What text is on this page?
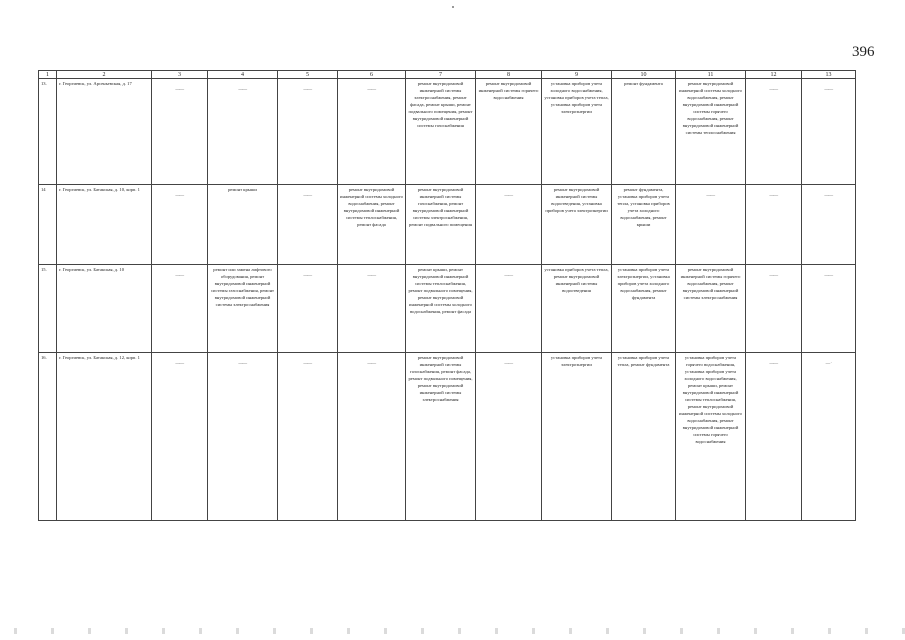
396
1	2	3	4	5	6	7	8	9	10	11	12	13
13.	г. Георгиевск, ул. Арсеньевская, д. 17	——	——	——	——	ремонт внутридомовой инженерной системы электроснабжения, ремонт фасада, ремонт крыши, ремонт подвального помещения, ремонт внутридомовой инженерной системы газоснабжения	ремонт внутридомовой инженерной системы горячего водоснабжения	установка приборов учета холодного водоснабжения, установка приборов учета тепла, установка приборов учета электроэнергии	ремонт фундамента	ремонт внутридомовой инженерной системы холодного водоснабжения, ремонт внутридомовой инженерной системы горячего водоснабжения, ремонт внутридомовой инженерной системы теплоснабжения	——	——

14	г. Георгиевск, ул. Батакская, д. 10, корп. 1	——	ремонт крыши	——	ремонт внутридомовой инженерной системы холодного водоснабжения, ремонт внутридомовой инженерной системы теплоснабжения, ремонт фасада	ремонт внутридомовой инженерной системы газоснабжения, ремонт внутридомовой инженерной системы электроснабжения, ремонт подвального помещения	——	ремонт внутридомовой инженерной системы водоотведения, установка приборов учета электроэнергии	ремонт фундамента, установка приборов учета тепла, установка приборов учета холодного водоснабжения, ремонт крыши	——	——	——

15.	г. Георгиевск, ул. Батакская, д. 10	——	ремонт или замена лифтового оборудования, ремонт внутридомовой инженерной системы газоснабжения, ремонт внутридомовой инженерной системы электроснабжения	——	——	ремонт крыши, ремонт внутридомовой инженерной системы теплоснабжения, ремонт подвального помещения, ремонт внутридомовой инженерной системы холодного водоснабжения, ремонт фасада	——	установка приборов учета тепла, ремонт внутридомовой инженерной системы водоотведения	установка приборов учета электроэнергии, установка приборов учета холодного водоснабжения, ремонт фундамента	ремонт внутридомовой инженерной системы горячего водоснабжения, ремонт внутридомовой инженерной системы электроснабжения	——	——

16.	г. Георгиевск, ул. Батакская, д. 12, корп. 1	——	——	——	——	ремонт внутридомовой инженерной системы газоснабжения, ремонт фасада, ремонт подвального помещения, ремонт внутридомовой инженерной системы электроснабжения	——	установка приборов учета электроэнергии	установка приборов учета тепла, ремонт фундамента	установка приборов учета горячего водоснабжения, установка приборов учета холодного водоснабжения, ремонт крыши, ремонт внутридомовой инженерной системы теплоснабжения, ремонт внутридомовой инженерной системы холодного водоснабжения, ремонт внутридомовой инженерной системы горячего водоснабжения	——	— ·
